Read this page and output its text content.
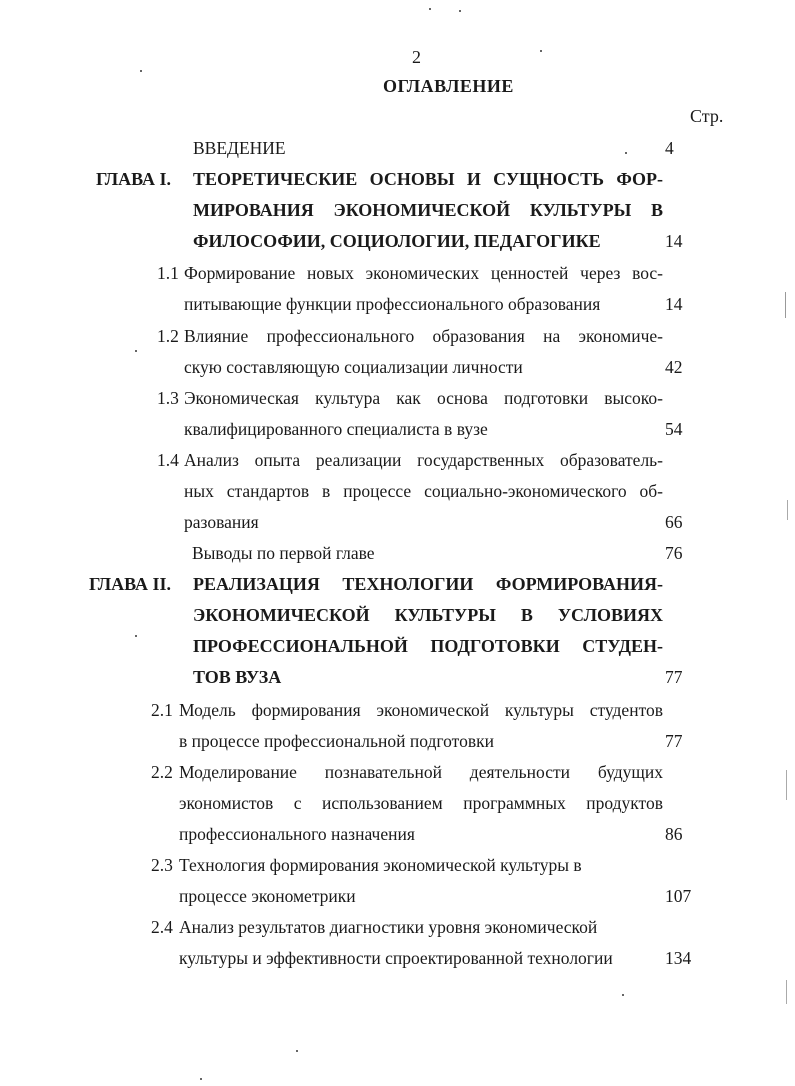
2
ОГЛАВЛЕНИЕ
Стр.
ВВЕДЕНИЕ	4
ГЛАВА I. ТЕОРЕТИЧЕСКИЕ ОСНОВЫ И СУЩНОСТЬ ФОР-
МИРОВАНИЯ ЭКОНОМИЧЕСКОЙ КУЛЬТУРЫ В
ФИЛОСОФИИ, СОЦИОЛОГИИ, ПЕДАГОГИКЕ	14
1.1 Формирование новых экономических ценностей через вос-
питывающие функции профессионального образования	14
1.2 Влияние профессионального образования на экономиче-
скую составляющую социализации личности	42
1.3 Экономическая культура как основа подготовки высоко-
квалифицированного специалиста в вузе	54
1.4 Анализ опыта реализации государственных образователь-
ных стандартов в процессе социально-экономического об-
разования	66
Выводы по первой главе	76
ГЛАВА II. РЕАЛИЗАЦИЯ ТЕХНОЛОГИИ ФОРМИРОВАНИЯ-
ЭКОНОМИЧЕСКОЙ КУЛЬТУРЫ В УСЛОВИЯХ
ПРОФЕССИОНАЛЬНОЙ ПОДГОТОВКИ СТУДЕН-
ТОВ ВУЗА	77
2.1 Модель формирования экономической культуры студентов
в процессе профессиональной подготовки	77
2.2 Моделирование познавательной деятельности будущих
экономистов с использованием программных продуктов
профессионального назначения	86
2.3 Технология формирования экономической культуры в
процессе эконометрики	107
2.4 Анализ результатов диагностики уровня экономической
культуры и эффективности спроектированной технологии	134
